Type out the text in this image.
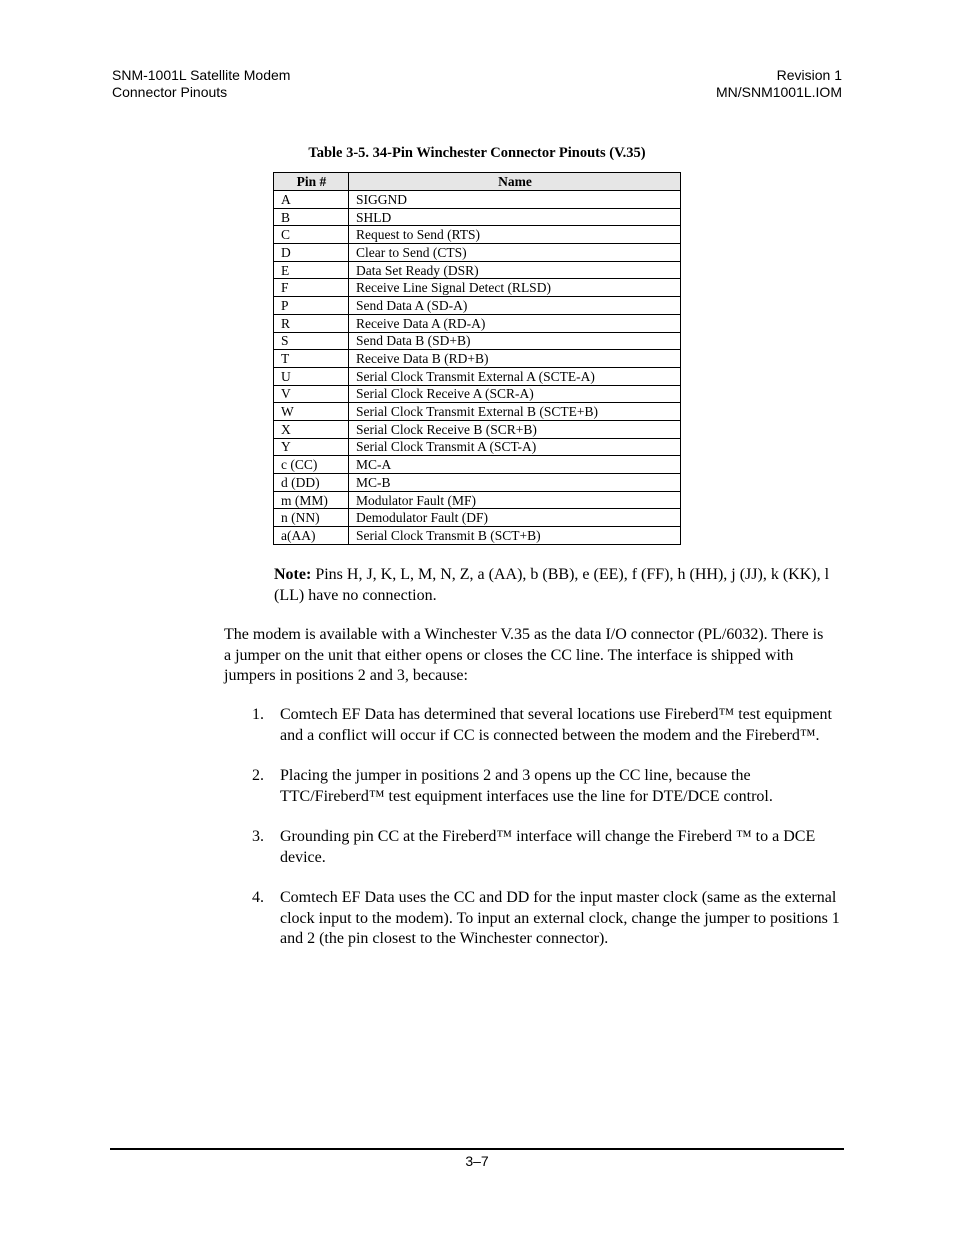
SNM-1001L Satellite Modem
Connector Pinouts
Revision 1
MN/SNM1001L.IOM
Table 3-5. 34-Pin Winchester Connector Pinouts (V.35)
Pin #	Name
A	SIGGND
B	SHLD
C	Request to Send (RTS)
D	Clear to Send (CTS)
E	Data Set Ready (DSR)
F	Receive Line Signal Detect (RLSD)
P	Send Data A (SD-A)
R	Receive Data A (RD-A)
S	Send Data B (SD+B)
T	Receive Data B (RD+B)
U	Serial Clock Transmit External A (SCTE-A)
V	Serial Clock Receive A (SCR-A)
W	Serial Clock Transmit External B (SCTE+B)
X	Serial Clock Receive B (SCR+B)
Y	Serial Clock Transmit A (SCT-A)
c (CC)	MC-A
d (DD)	MC-B
m (MM)	Modulator Fault (MF)
n (NN)	Demodulator Fault (DF)
a(AA)	Serial Clock Transmit B (SCT+B)
Note: Pins H, J, K, L, M, N, Z, a (AA), b (BB), e (EE), f (FF), h (HH), j (JJ), k (KK), l (LL) have no connection.
The modem is available with a Winchester V.35 as the data I/O connector (PL/6032). There is a jumper on the unit that either opens or closes the CC line. The interface is shipped with jumpers in positions 2 and 3, because:
1. Comtech EF Data has determined that several locations use Fireberd™ test equipment and a conflict will occur if CC is connected between the modem and the Fireberd™.
2. Placing the jumper in positions 2 and 3 opens up the CC line, because the TTC/Fireberd™ test equipment interfaces use the line for DTE/DCE control.
3. Grounding pin CC at the Fireberd™ interface will change the Fireberd ™ to a DCE device.
4. Comtech EF Data uses the CC and DD for the input master clock (same as the external clock input to the modem). To input an external clock, change the jumper to positions 1 and 2 (the pin closest to the Winchester connector).
3–7
